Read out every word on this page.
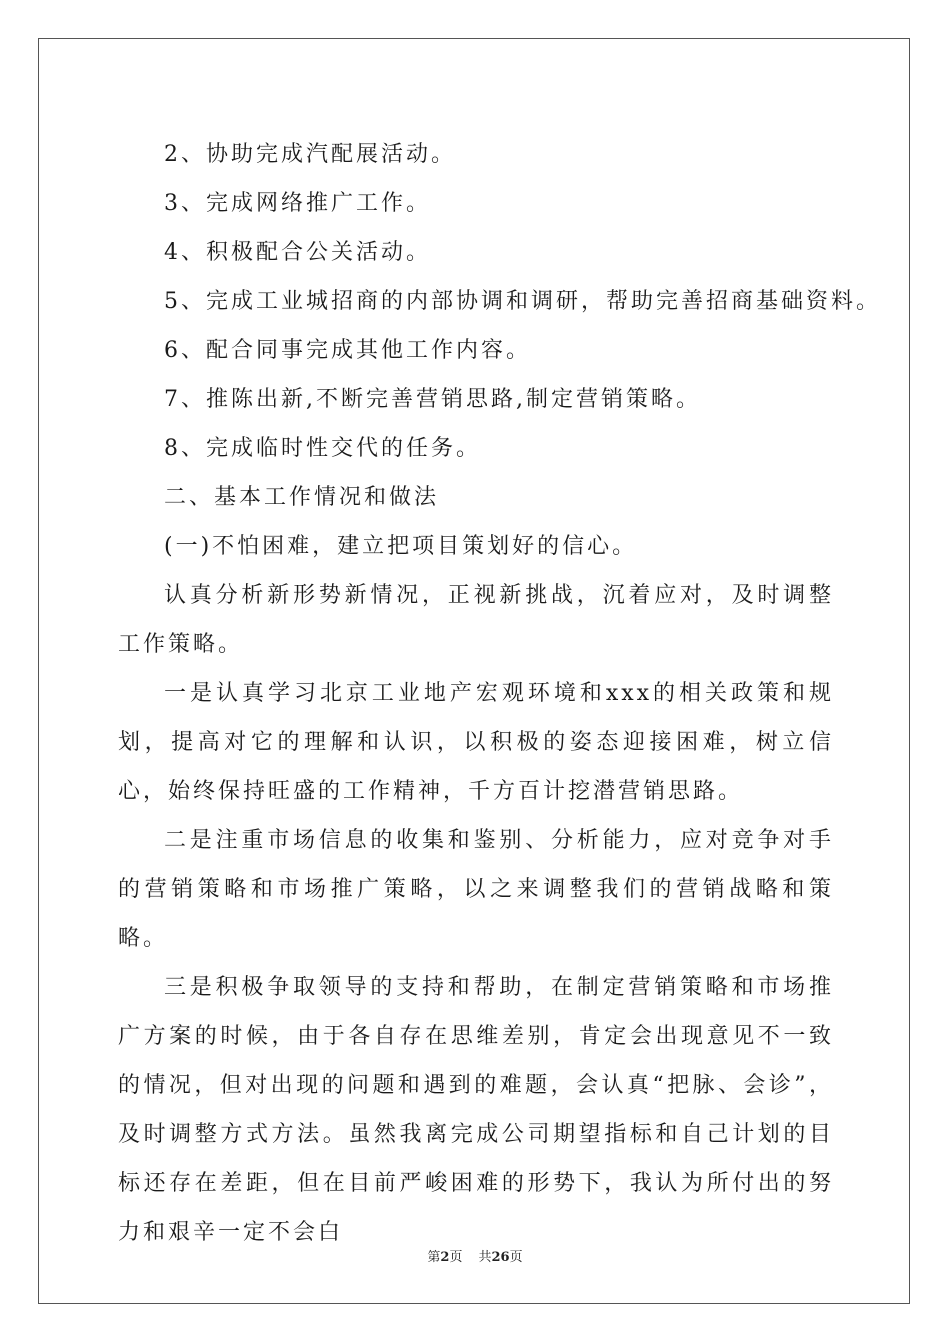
2、协助完成汽配展活动。
3、完成网络推广工作。
4、积极配合公关活动。
5、完成工业城招商的内部协调和调研，帮助完善招商基础资料。
6、配合同事完成其他工作内容。
7、推陈出新,不断完善营销思路,制定营销策略。
8、完成临时性交代的任务。
二、基本工作情况和做法
(一)不怕困难，建立把项目策划好的信心。

认真分析新形势新情况，正视新挑战，沉着应对，及时调整工作策略。

一是认真学习北京工业地产宏观环境和xxx的相关政策和规划，提高对它的理解和认识，以积极的姿态迎接困难，树立信心，始终保持旺盛的工作精神，千方百计挖潜营销思路。

二是注重市场信息的收集和鉴别、分析能力，应对竞争对手的营销策略和市场推广策略，以之来调整我们的营销战略和策略。

三是积极争取领导的支持和帮助，在制定营销策略和市场推广方案的时候，由于各自存在思维差别，肯定会出现意见不一致的情况，但对出现的问题和遇到的难题，会认真“把脉、会诊”，及时调整方式方法。虽然我离完成公司期望指标和自己计划的目标还存在差距，但在目前严峻困难的形势下，我认为所付出的努力和艰辛一定不会白

第2页 共26页
